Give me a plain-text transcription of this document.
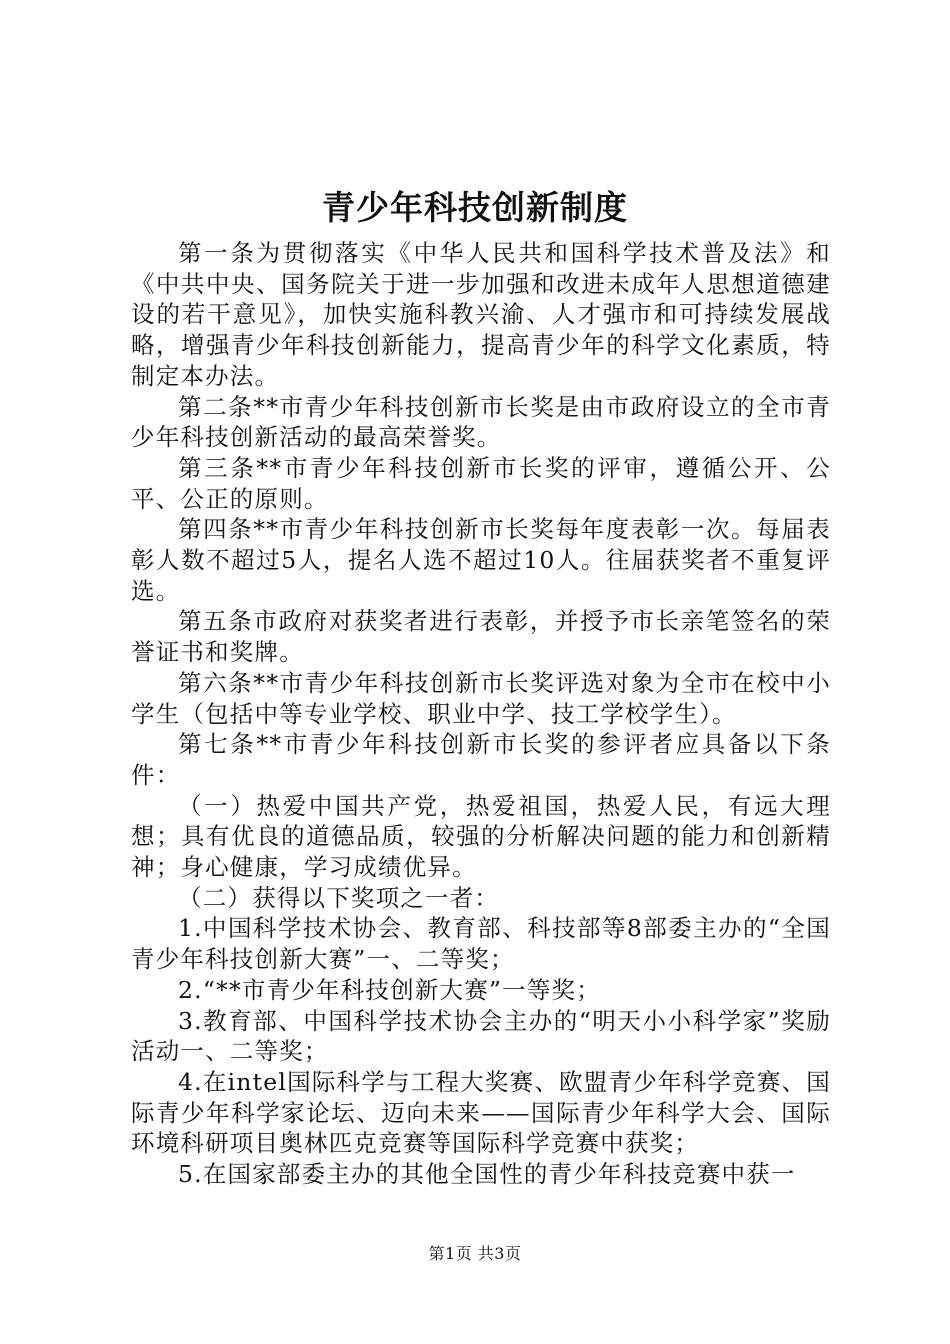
青少年科技创新制度

第一条为贯彻落实《中华人民共和国科学技术普及法》和《中共中央、国务院关于进一步加强和改进未成年人思想道德建设的若干意见》，加快实施科教兴渝、人才强市和可持续发展战略，增强青少年科技创新能力，提高青少年的科学文化素质，特制定本办法。

第二条**市青少年科技创新市长奖是由市政府设立的全市青少年科技创新活动的最高荣誉奖。

第三条**市青少年科技创新市长奖的评审，遵循公开、公平、公正的原则。

第四条**市青少年科技创新市长奖每年度表彰一次。每届表彰人数不超过5人，提名人选不超过10人。往届获奖者不重复评选。

第五条市政府对获奖者进行表彰，并授予市长亲笔签名的荣誉证书和奖牌。

第六条**市青少年科技创新市长奖评选对象为全市在校中小学生（包括中等专业学校、职业中学、技工学校学生）。

第七条**市青少年科技创新市长奖的参评者应具备以下条件：

（一）热爱中国共产党，热爱祖国，热爱人民，有远大理想；具有优良的道德品质，较强的分析解决问题的能力和创新精神；身心健康，学习成绩优异。

（二）获得以下奖项之一者：

1.中国科学技术协会、教育部、科技部等8部委主办的“全国青少年科技创新大赛”一、二等奖；

2.“**市青少年科技创新大赛”一等奖；

3.教育部、中国科学技术协会主办的“明天小小科学家”奖励活动一、二等奖；

4.在intel国际科学与工程大奖赛、欧盟青少年科学竞赛、国际青少年科学家论坛、迈向未来——国际青少年科学大会、国际环境科研项目奥林匹克竞赛等国际科学竞赛中获奖；

5.在国家部委主办的其他全国性的青少年科技竞赛中获一

第1页 共3页
